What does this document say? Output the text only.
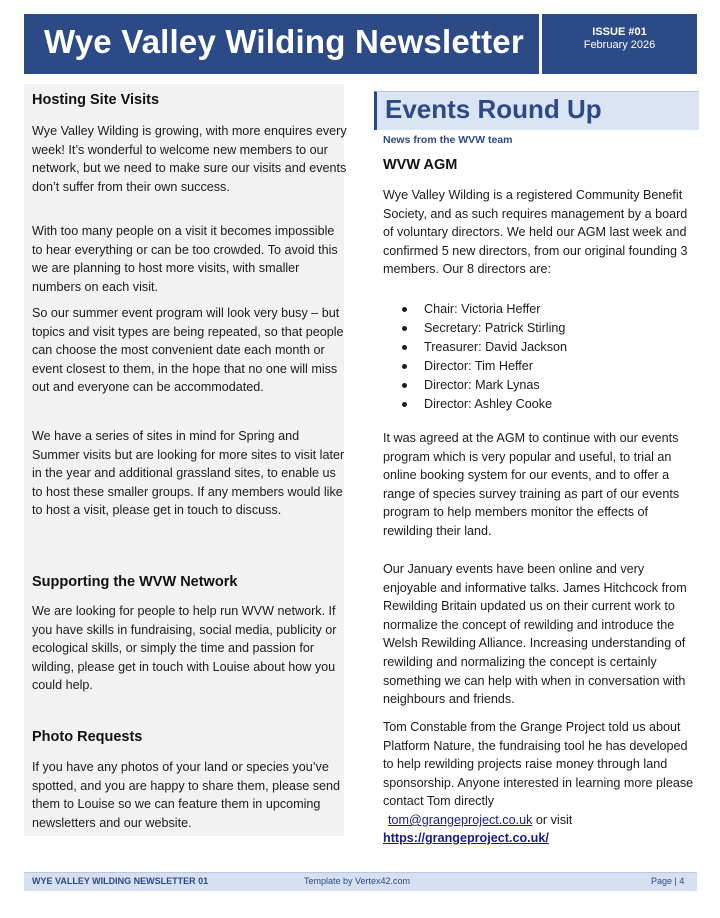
Wye Valley Wilding Newsletter	ISSUE #01
February 2026
Hosting Site Visits

Wye Valley Wilding is growing, with more enquires every week! It’s wonderful to welcome new members to our network, but we need to make sure our visits and events don’t suffer from their own success.

With too many people on a visit it becomes impossible to hear everything or can be too crowded. To avoid this we are planning to host more visits, with smaller numbers on each visit.

So our summer event program will look very busy – but topics and visit types are being repeated, so that people can choose the most convenient date each month or event closest to them, in the hope that no one will miss out and everyone can be accommodated.

We have a series of sites in mind for Spring and Summer visits but are looking for more sites to visit later in the year and additional grassland sites, to enable us to host these smaller groups. If any members would like to host a visit, please get in touch to discuss.

Supporting the WVW Network

We are looking for people to help run WVW network. If you have skills in fundraising, social media, publicity or ecological skills, or simply the time and passion for wilding, please get in touch with Louise about how you could help.

Photo Requests

If you have any photos of your land or species you’ve spotted, and you are happy to share them, please send them to Louise so we can feature them in upcoming newsletters and our website.

Events Round Up
News from the WVW team
WVW AGM

Wye Valley Wilding is a registered Community Benefit Society, and as such requires management by a board of voluntary directors. We held our AGM last week and confirmed 5 new directors, from our original founding 3 members. Our 8 directors are:

Chair: Victoria Heffer
Secretary: Patrick Stirling
Treasurer: David Jackson
Director: Tim Heffer
Director: Mark Lynas
Director: Ashley Cooke

It was agreed at the AGM to continue with our events program which is very popular and useful, to trial an online booking system for our events, and to offer a range of species survey training as part of our events program to help members monitor the effects of rewilding their land.

Our January events have been online and very enjoyable and informative talks. James Hitchcock from Rewilding Britain updated us on their current work to normalize the concept of rewilding and introduce the Welsh Rewilding Alliance. Increasing understanding of rewilding and normalizing the concept is certainly something we can help with when in conversation with neighbours and friends.

Tom Constable from the Grange Project told us about Platform Nature, the fundraising tool he has developed to help rewilding projects raise money through land sponsorship. Anyone interested in learning more please contact Tom directly

tom@grangeproject.co.uk or visit
https://grangeproject.co.uk/
WYE VALLEY WILDING NEWSLETTER 01	Template by Vertex42.com	Page | 4
